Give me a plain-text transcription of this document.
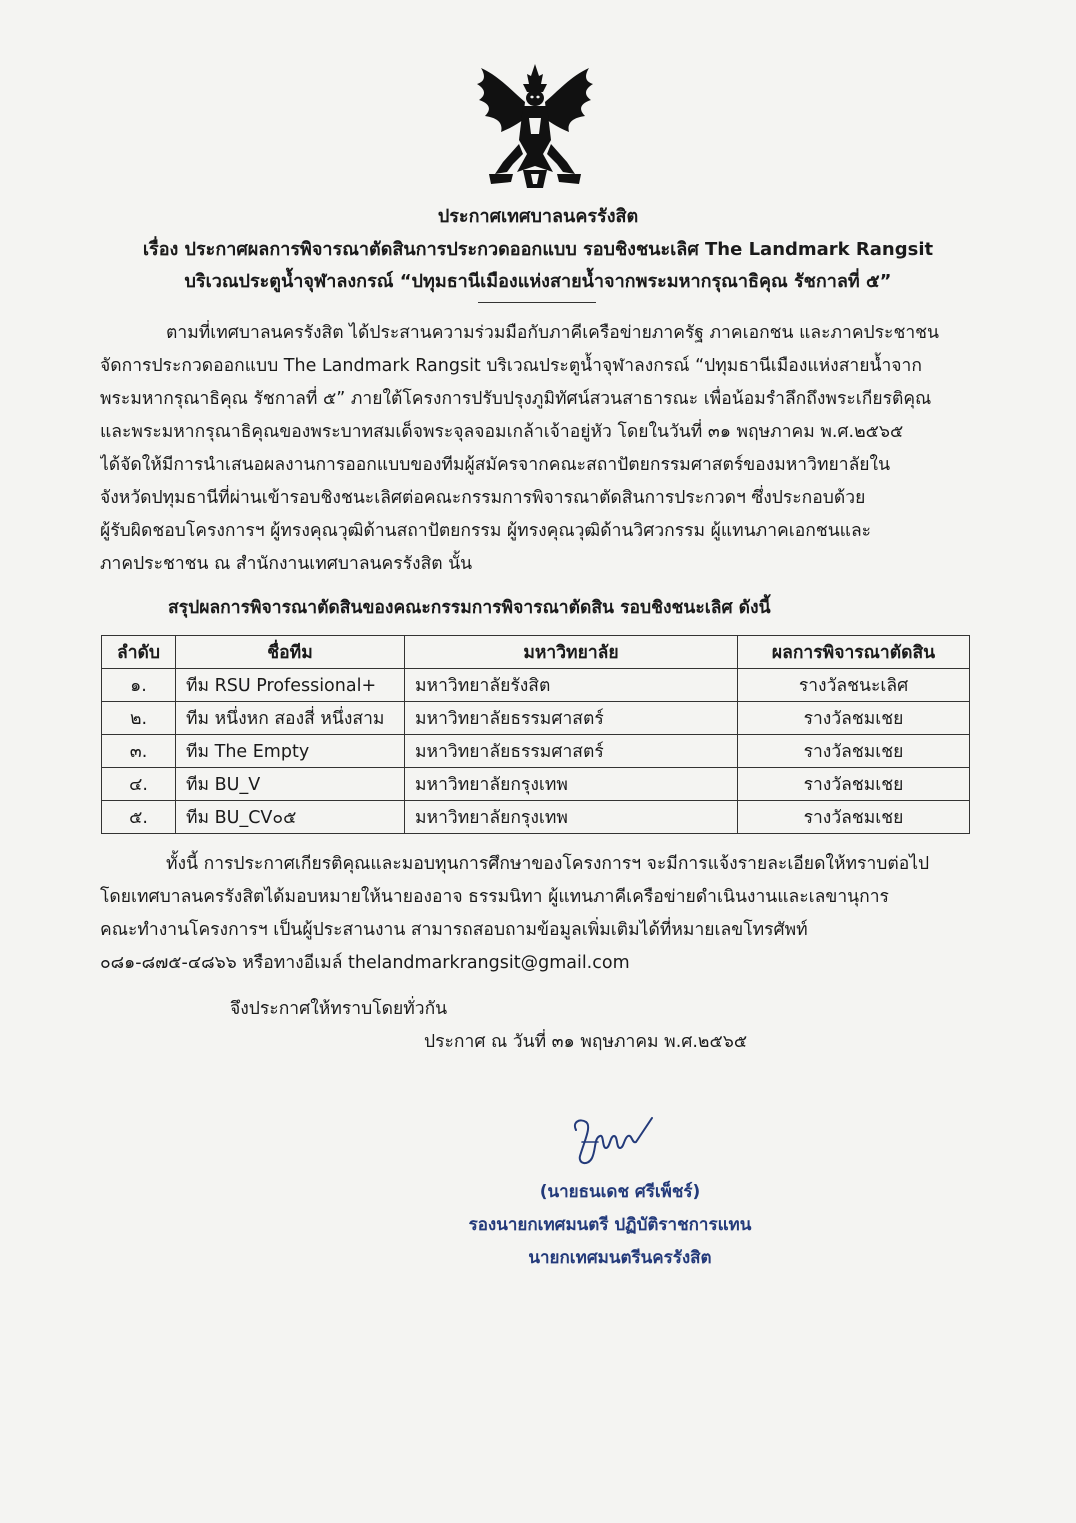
ประกาศเทศบาลนครรังสิต
เรื่อง ประกาศผลการพิจารณาตัดสินการประกวดออกแบบ รอบชิงชนะเลิศ The Landmark Rangsit
บริเวณประตูน้ำจุฬาลงกรณ์ “ปทุมธานีเมืองแห่งสายน้ำจากพระมหากรุณาธิคุณ รัชกาลที่ ๕”
ตามที่เทศบาลนครรังสิต ได้ประสานความร่วมมือกับภาคีเครือข่ายภาครัฐ ภาคเอกชน และภาคประชาชน
จัดการประกวดออกแบบ The Landmark Rangsit บริเวณประตูน้ำจุฬาลงกรณ์ “ปทุมธานีเมืองแห่งสายน้ำจาก
พระมหากรุณาธิคุณ รัชกาลที่ ๕” ภายใต้โครงการปรับปรุงภูมิทัศน์สวนสาธารณะ เพื่อน้อมรำลึกถึงพระเกียรติคุณ
และพระมหากรุณาธิคุณของพระบาทสมเด็จพระจุลจอมเกล้าเจ้าอยู่หัว โดยในวันที่ ๓๑ พฤษภาคม พ.ศ.๒๕๖๕
ได้จัดให้มีการนำเสนอผลงานการออกแบบของทีมผู้สมัครจากคณะสถาปัตยกรรมศาสตร์ของมหาวิทยาลัยใน
จังหวัดปทุมธานีที่ผ่านเข้ารอบชิงชนะเลิศต่อคณะกรรมการพิจารณาตัดสินการประกวดฯ ซึ่งประกอบด้วย
ผู้รับผิดชอบโครงการฯ ผู้ทรงคุณวุฒิด้านสถาปัตยกรรม ผู้ทรงคุณวุฒิด้านวิศวกรรม ผู้แทนภาคเอกชนและ
ภาคประชาชน ณ สำนักงานเทศบาลนครรังสิต นั้น
สรุปผลการพิจารณาตัดสินของคณะกรรมการพิจารณาตัดสิน รอบชิงชนะเลิศ ดังนี้
ลำดับ	ชื่อทีม	มหาวิทยาลัย	ผลการพิจารณาตัดสิน
๑.	ทีม RSU Professional+	มหาวิทยาลัยรังสิต	รางวัลชนะเลิศ
๒.	ทีม หนึ่งหก สองสี่ หนึ่งสาม	มหาวิทยาลัยธรรมศาสตร์	รางวัลชมเชย
๓.	ทีม The Empty	มหาวิทยาลัยธรรมศาสตร์	รางวัลชมเชย
๔.	ทีม BU_V	มหาวิทยาลัยกรุงเทพ	รางวัลชมเชย
๕.	ทีม BU_CV๐๕	มหาวิทยาลัยกรุงเทพ	รางวัลชมเชย
ทั้งนี้ การประกาศเกียรติคุณและมอบทุนการศึกษาของโครงการฯ จะมีการแจ้งรายละเอียดให้ทราบต่อไป
โดยเทศบาลนครรังสิตได้มอบหมายให้นายองอาจ ธรรมนิทา ผู้แทนภาคีเครือข่ายดำเนินงานและเลขานุการ
คณะทำงานโครงการฯ เป็นผู้ประสานงาน สามารถสอบถามข้อมูลเพิ่มเติมได้ที่หมายเลขโทรศัพท์
๐๘๑-๘๗๕-๔๘๖๖ หรือทางอีเมล์ thelandmarkrangsit@gmail.com
จึงประกาศให้ทราบโดยทั่วกัน
ประกาศ ณ วันที่ ๓๑ พฤษภาคม พ.ศ.๒๕๖๕
(นายธนเดช ศรีเพ็ชร์)
รองนายกเทศมนตรี ปฏิบัติราชการแทน
นายกเทศมนตรีนครรังสิต
